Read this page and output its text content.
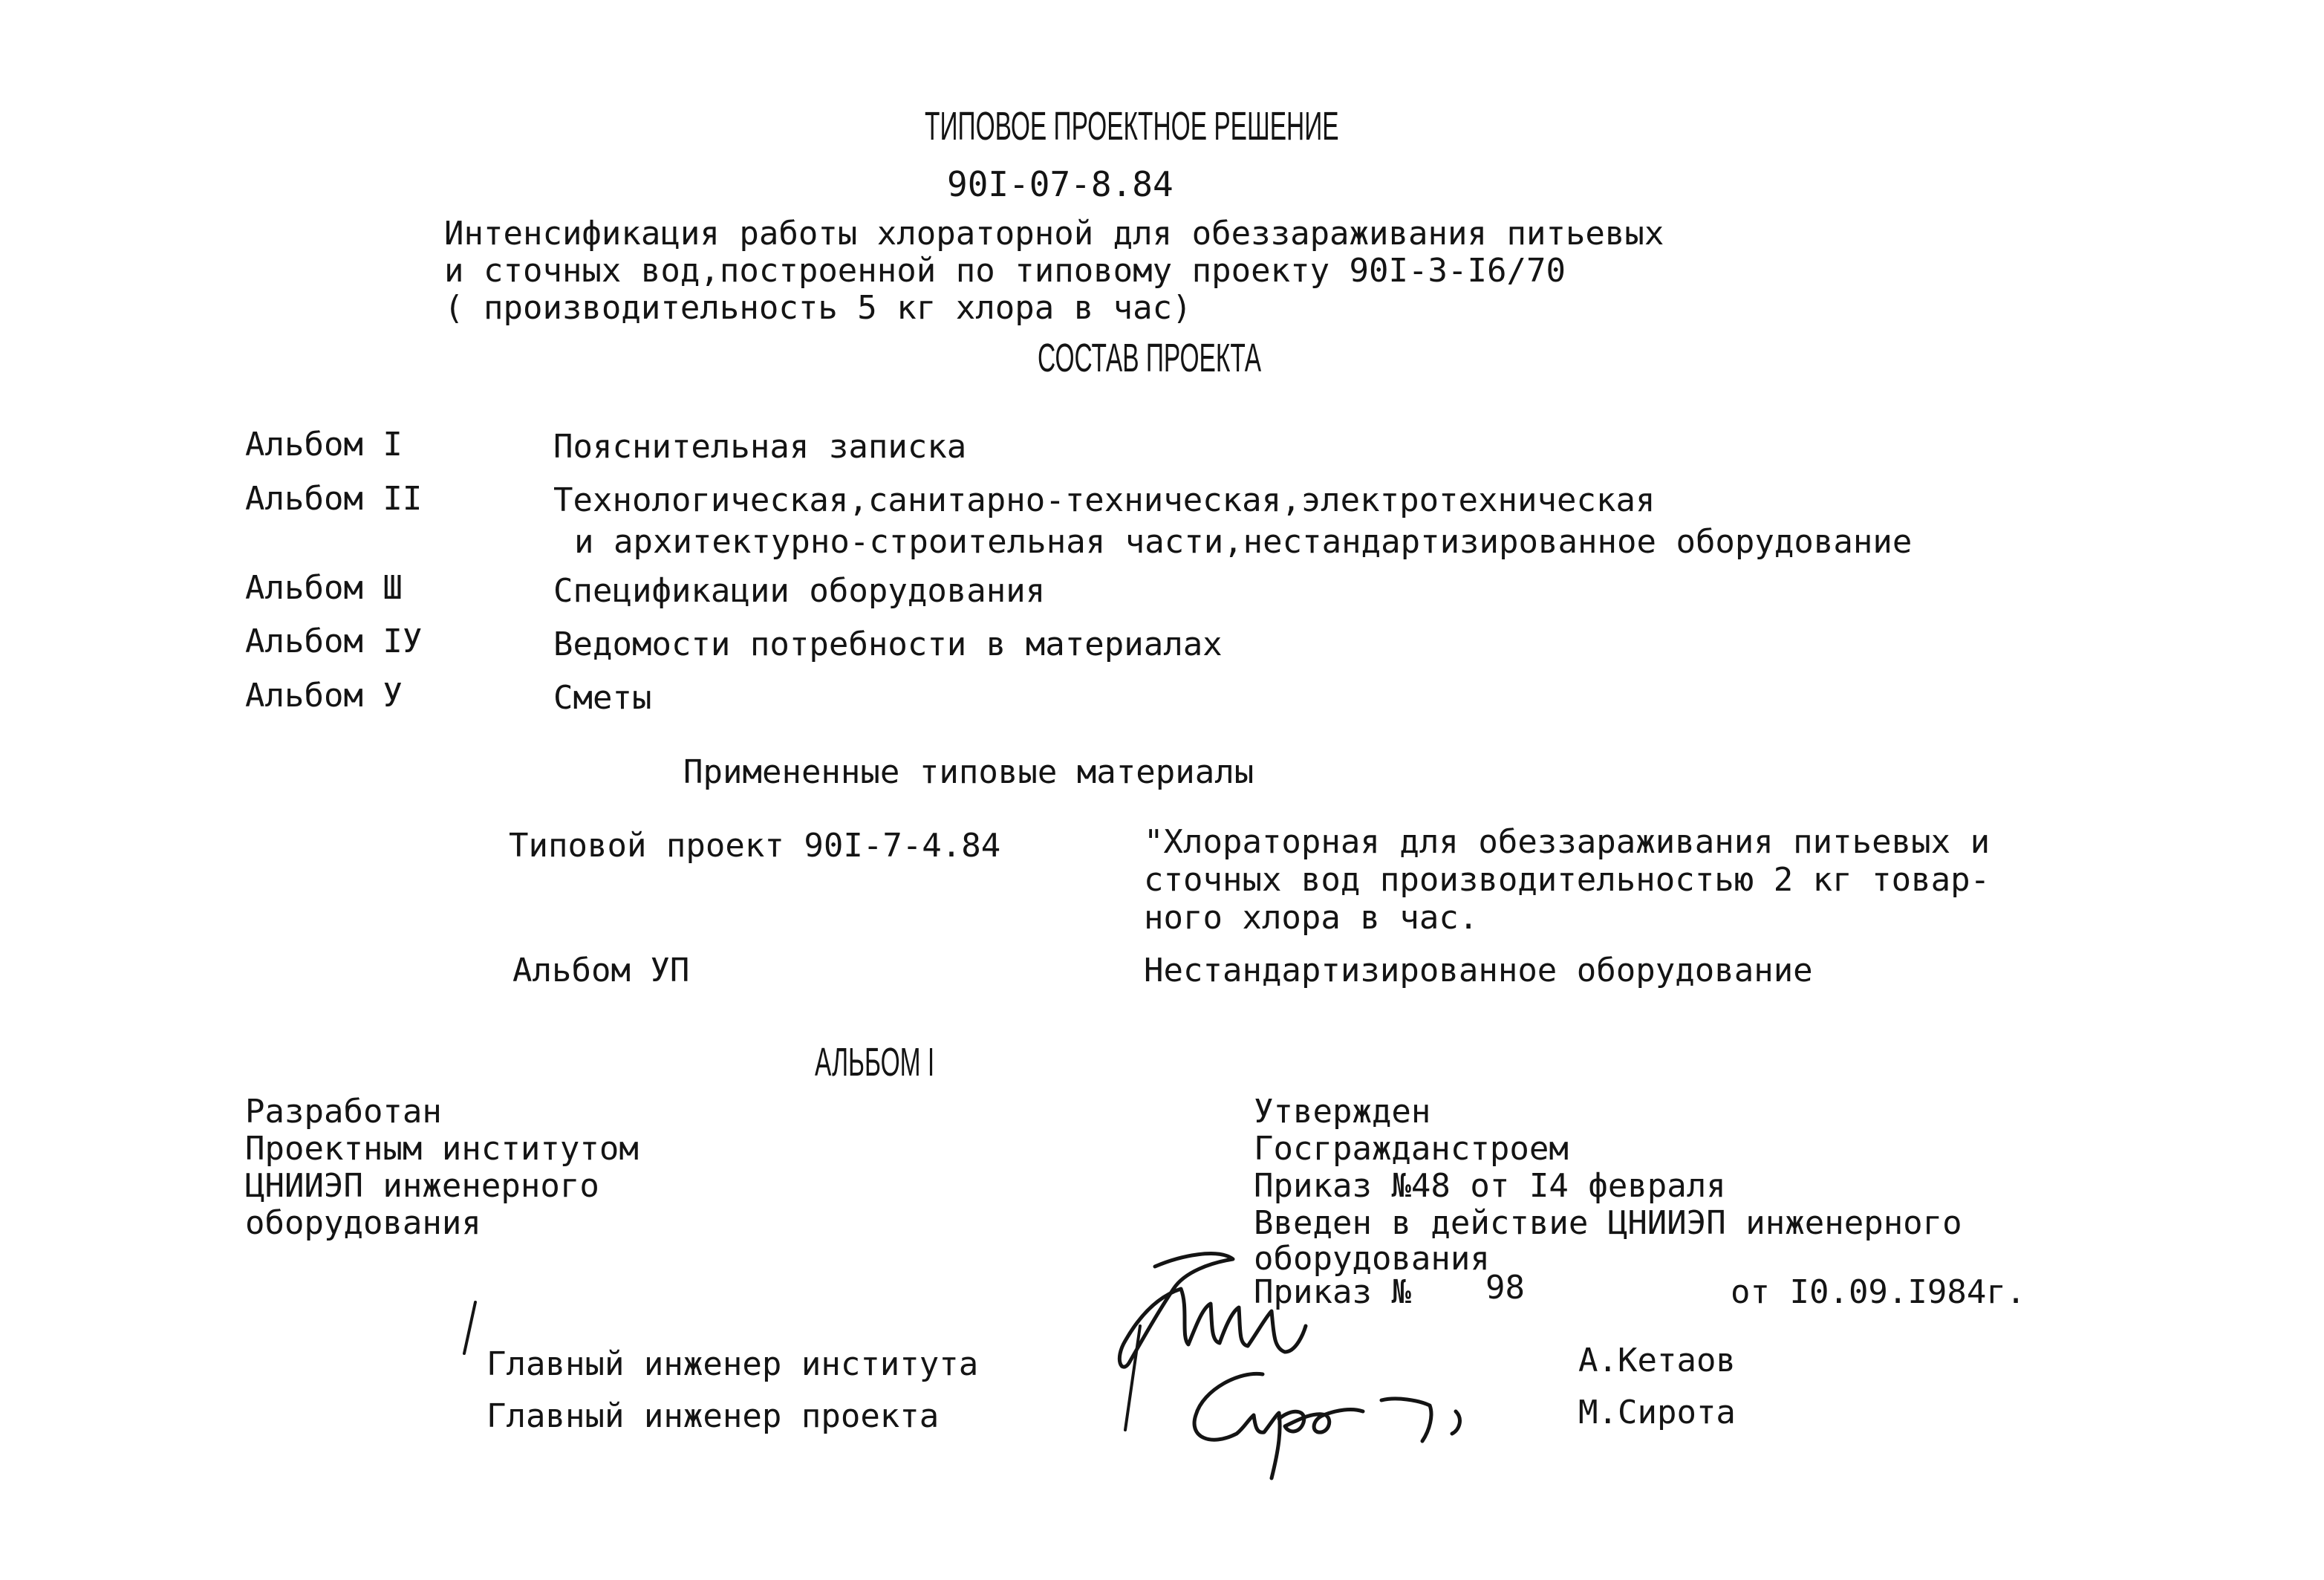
ТИПОВОЕ ПРОЕКТНОЕ РЕШЕНИЕ
90I-07-8.84
Интенсификация работы хлораторной для обеззараживания питьевых
и сточных вод,построенной по типовому проекту 90I-3-I6/70
( производительность 5 кг хлора в час)
СОСТАВ ПРОЕКТА
Альбом I	Пояснительная записка
Альбом II	Технологическая,санитарно-техническая,электротехническая
и архитектурно-строительная части,нестандартизированное оборудование
Альбом Ш	Спецификации оборудования
Альбом IУ	Ведомости потребности в материалах
Альбом У	Сметы
Примененные типовые материалы
Типовой проект 90I-7-4.84	"Хлораторная для обеззараживания питьевых и
сточных вод производительностью 2 кг товар-
ного хлора в час.
Альбом УП	Нестандартизированное оборудование
АЛЬБОМ I
Разработан
Проектным институтом
ЦНИИЭП инженерного
оборудования
Утвержден
Госгражданстроем
Приказ №48 от I4 февраля
Введен в действие ЦНИИЭП инженерного
оборудования
Приказ № 98	от I0.09.I984г.
Главный инженер института	А.Кетаов
Главный инженер проекта	М.Сирота
